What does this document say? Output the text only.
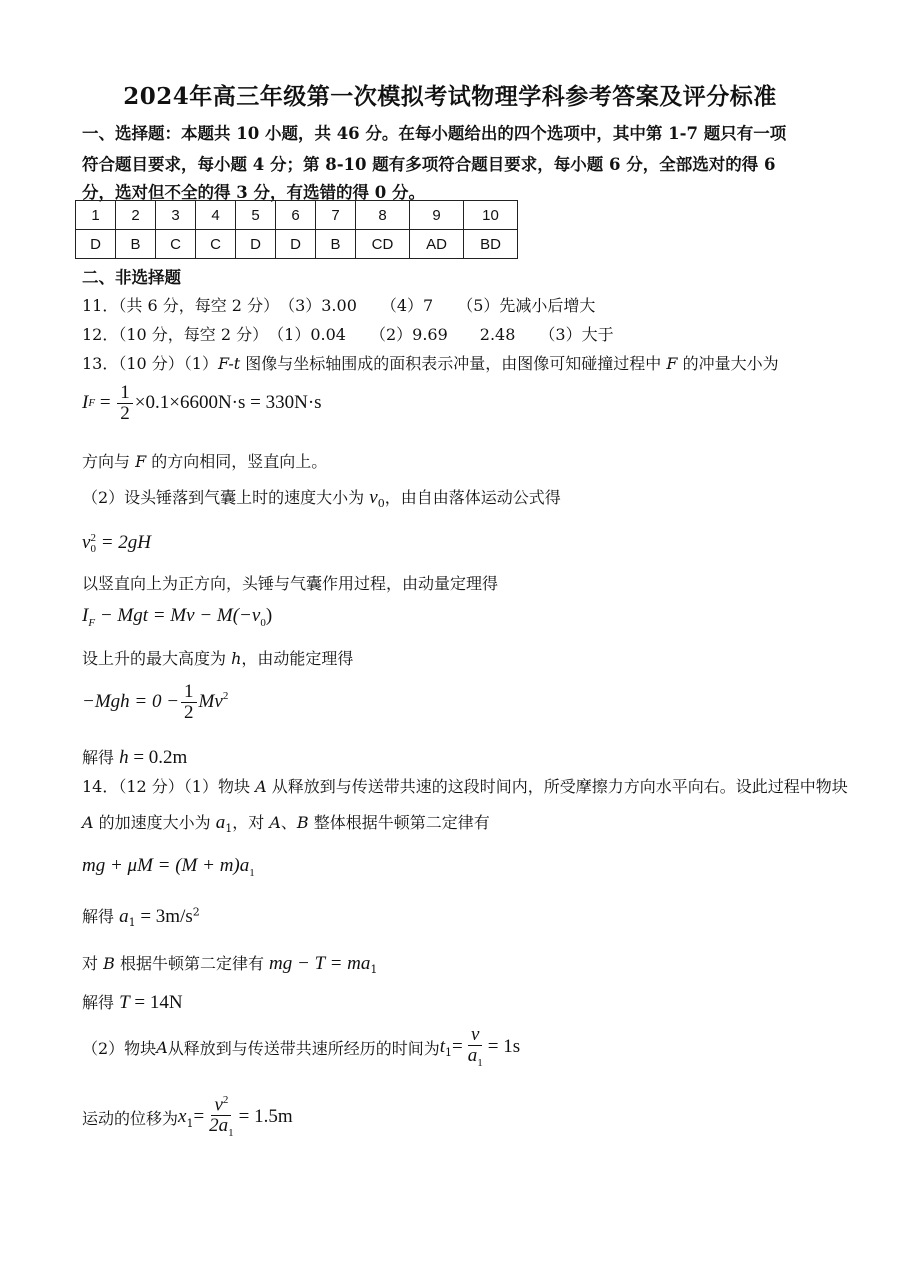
2024年高三年级第一次模拟考试物理学科参考答案及评分标准
一、选择题：本题共 10 小题，共 46 分。在每小题给出的四个选项中，其中第 1-7 题只有一项
符合题目要求，每小题 4 分；第 8-10 题有多项符合题目要求，每小题 6 分，全部选对的得 6
分，选对但不全的得 3 分，有选错的得 0 分。
1	2	3	4	5	6	7	8	9	10
D	B	C	C	D	D	B	CD	AD	BD
二、非选择题
11．（共 6 分，每空 2 分）　（3）3.00　　（4）7　　（5）先减小后增大
12．（10 分，每空 2 分）　（1）0.04　　（2）9.69　　2.48　　（3）大于
13．（10 分）（1）F-t 图像与坐标轴围成的面积表示冲量，由图像可知碰撞过程中 F 的冲量大小为
I $F = \frac{1}{2} \times 0.1\times 6600N\cdot s = 330N\cdot s$
方向与 F 的方向相同，竖直向上。
（2）设头锤落到气囊上时的速度大小为 $v_0$，由自由落体运动公式得
v 2
0 = 2gH
以竖直向上为正方向，头锤与气囊作用过程，由动量定理得
$I_F$ − Mgt = $Mv - M(-v_0)$
设上升的最大高度为 h，由动能定理得
$-Mgh = 0 - \frac{1}{2} Mv^2$
解得 h = 0.2m
14．（12 分）（1）物块 A 从释放到与传送带共速的这段时间内，所受摩擦力方向水平向右。设此过程中物块
A 的加速度大小为 $a_1$，对 A、B 整体根据牛顿第二定律有
mg + $\mu M = (M + m)a_1$
解得 $a_1 = 3m/s^2$
对 B 根据牛顿第二定律有 mg − $T = ma_1$
解得 T = 14N
（2）物块 A 从释放到与传送带共速所经历的时间为 $t_1 = \frac{v}{a_1} = 1s$
运动的位移为 $x_1 = \frac{v^2}{2a_1} = 1.5m$
